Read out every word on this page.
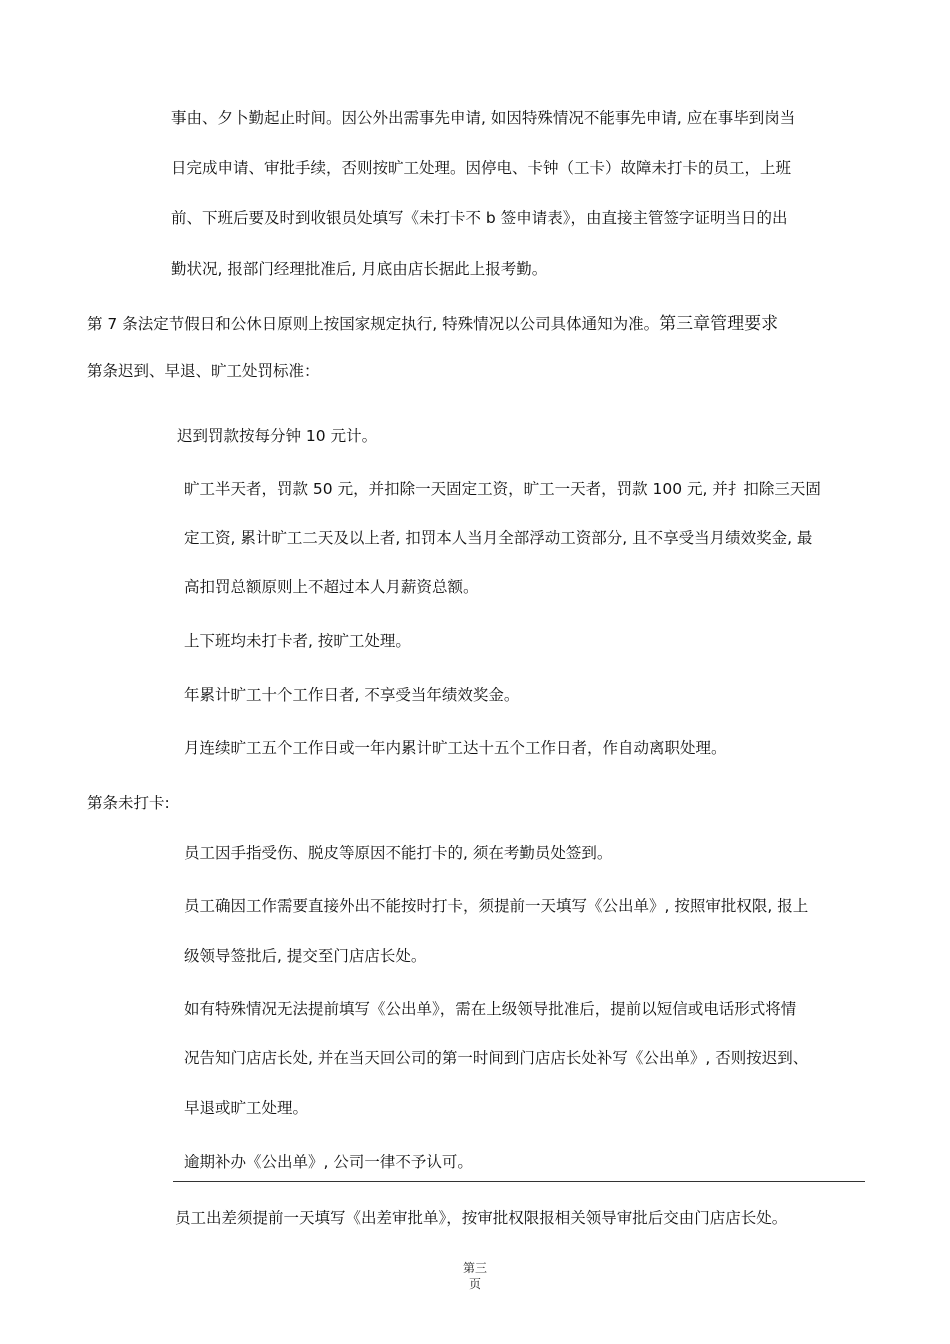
事由、夕卜勤起止时间。因公外出需事先申请, 如因特殊情况不能事先申请, 应在事毕到岗当
日完成申请、审批手续，否则按旷工处理。因停电、卡钟（工卡）故障未打卡的员工，上班
前、下班后要及时到收银员处填写《未打卡不 b 签申请表》，由直接主管签字证明当日的出
勤状况, 报部门经理批准后, 月底由店长据此上报考勤。
第 7 条法定节假日和公休日原则上按国家规定执行, 特殊情况以公司具体通知为准。第三章管理要求
第条迟到、早退、旷工处罚标准：
迟到罚款按每分钟 10 元计。
旷工半天者，罚款 50 元，并扣除一天固定工资，旷工一天者，罚款 100 元, 并扌扣除三天固
定工资, 累计旷工二天及以上者, 扣罚本人当月全部浮动工资部分, 且不享受当月绩效奖金, 最
高扣罚总额原则上不超过本人月薪资总额。
上下班均未打卡者, 按旷工处理。
年累计旷工十个工作日者, 不享受当年绩效奖金。
月连续旷工五个工作日或一年内累计旷工达十五个工作日者，作自动离职处理。
第条未打卡:
员工因手指受伤、脱皮等原因不能打卡的, 须在考勤员处签到。
员工确因工作需要直接外出不能按时打卡，须提前一天填写《公出单》, 按照审批权限, 报上
级领导签批后, 提交至门店店长处。
如有特殊情况无法提前填写《公出单》，需在上级领导批准后，提前以短信或电话形式将情
况告知门店店长处, 并在当天回公司的第一时间到门店店长处补写《公出单》, 否则按迟到、
早退或旷工处理。
逾期补办《公出单》, 公司一律不予认可。
员工出差须提前一天填写《出差审批单》，按审批权限报相关领导审批后交由门店店长处。
第三
页
